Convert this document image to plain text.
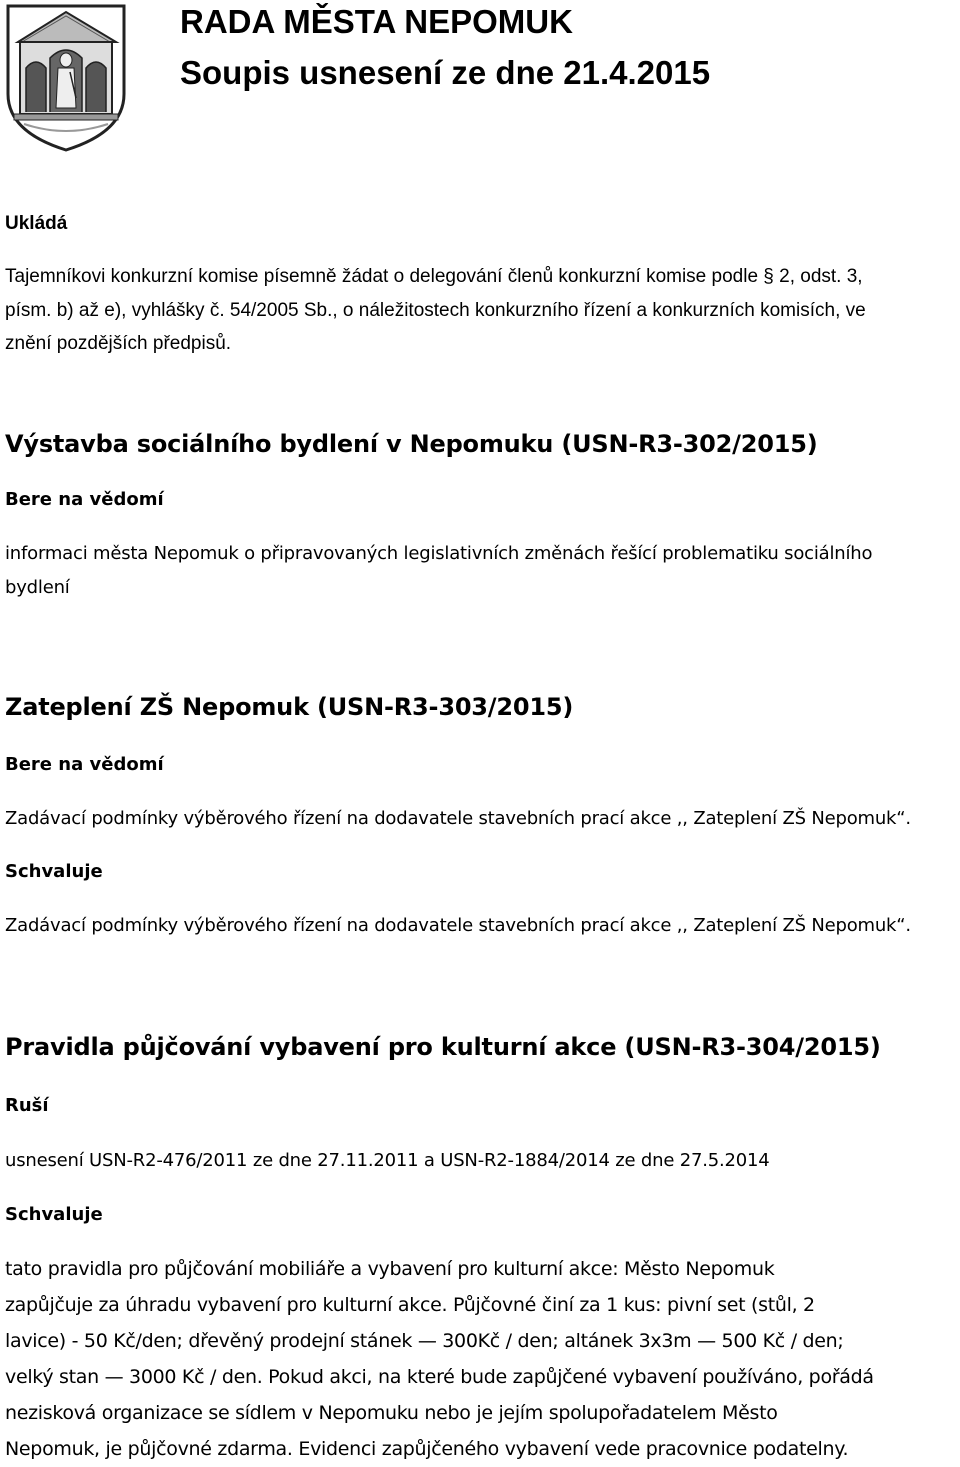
RADA MĚSTA NEPOMUK
Soupis usnesení ze dne 21.4.2015
Ukládá
Tajemníkovi konkurzní komise písemně žádat o delegování členů konkurzní komise podle § 2, odst. 3,
písm. b) až e), vyhlášky č. 54/2005 Sb., o náležitostech konkurzního řízení a konkurzních komisích, ve
znění pozdějších předpisů.
Výstavba sociálního bydlení v Nepomuku (USN-R3-302/2015)
Bere na vědomí
informaci města Nepomuk o připravovaných legislativních změnách řešící problematiku sociálního
bydlení
Zateplení ZŠ Nepomuk (USN-R3-303/2015)
Bere na vědomí
Zadávací podmínky výběrového řízení na dodavatele stavebních prací akce ,, Zateplení ZŠ Nepomuk“.
Schvaluje
Zadávací podmínky výběrového řízení na dodavatele stavebních prací akce ,, Zateplení ZŠ Nepomuk“.
Pravidla půjčování vybavení pro kulturní akce (USN-R3-304/2015)
Ruší
usnesení USN-R2-476/2011 ze dne 27.11.2011 a USN-R2-1884/2014 ze dne 27.5.2014
Schvaluje
tato pravidla pro půjčování mobiliáře a vybavení pro kulturní akce: Město Nepomuk
zapůjčuje za úhradu vybavení pro kulturní akce. Půjčovné činí za 1 kus: pivní set (stůl, 2
lavice) - 50 Kč/den; dřevěný prodejní stánek — 300Kč / den; altánek 3x3m — 500 Kč / den;
velký stan — 3000 Kč / den. Pokud akci, na které bude zapůjčené vybavení používáno, pořádá
nezisková organizace se sídlem v Nepomuku nebo je jejím spolupořadatelem Město
Nepomuk, je půjčovné zdarma. Evidenci zapůjčeného vybavení vede pracovnice podatelny.
